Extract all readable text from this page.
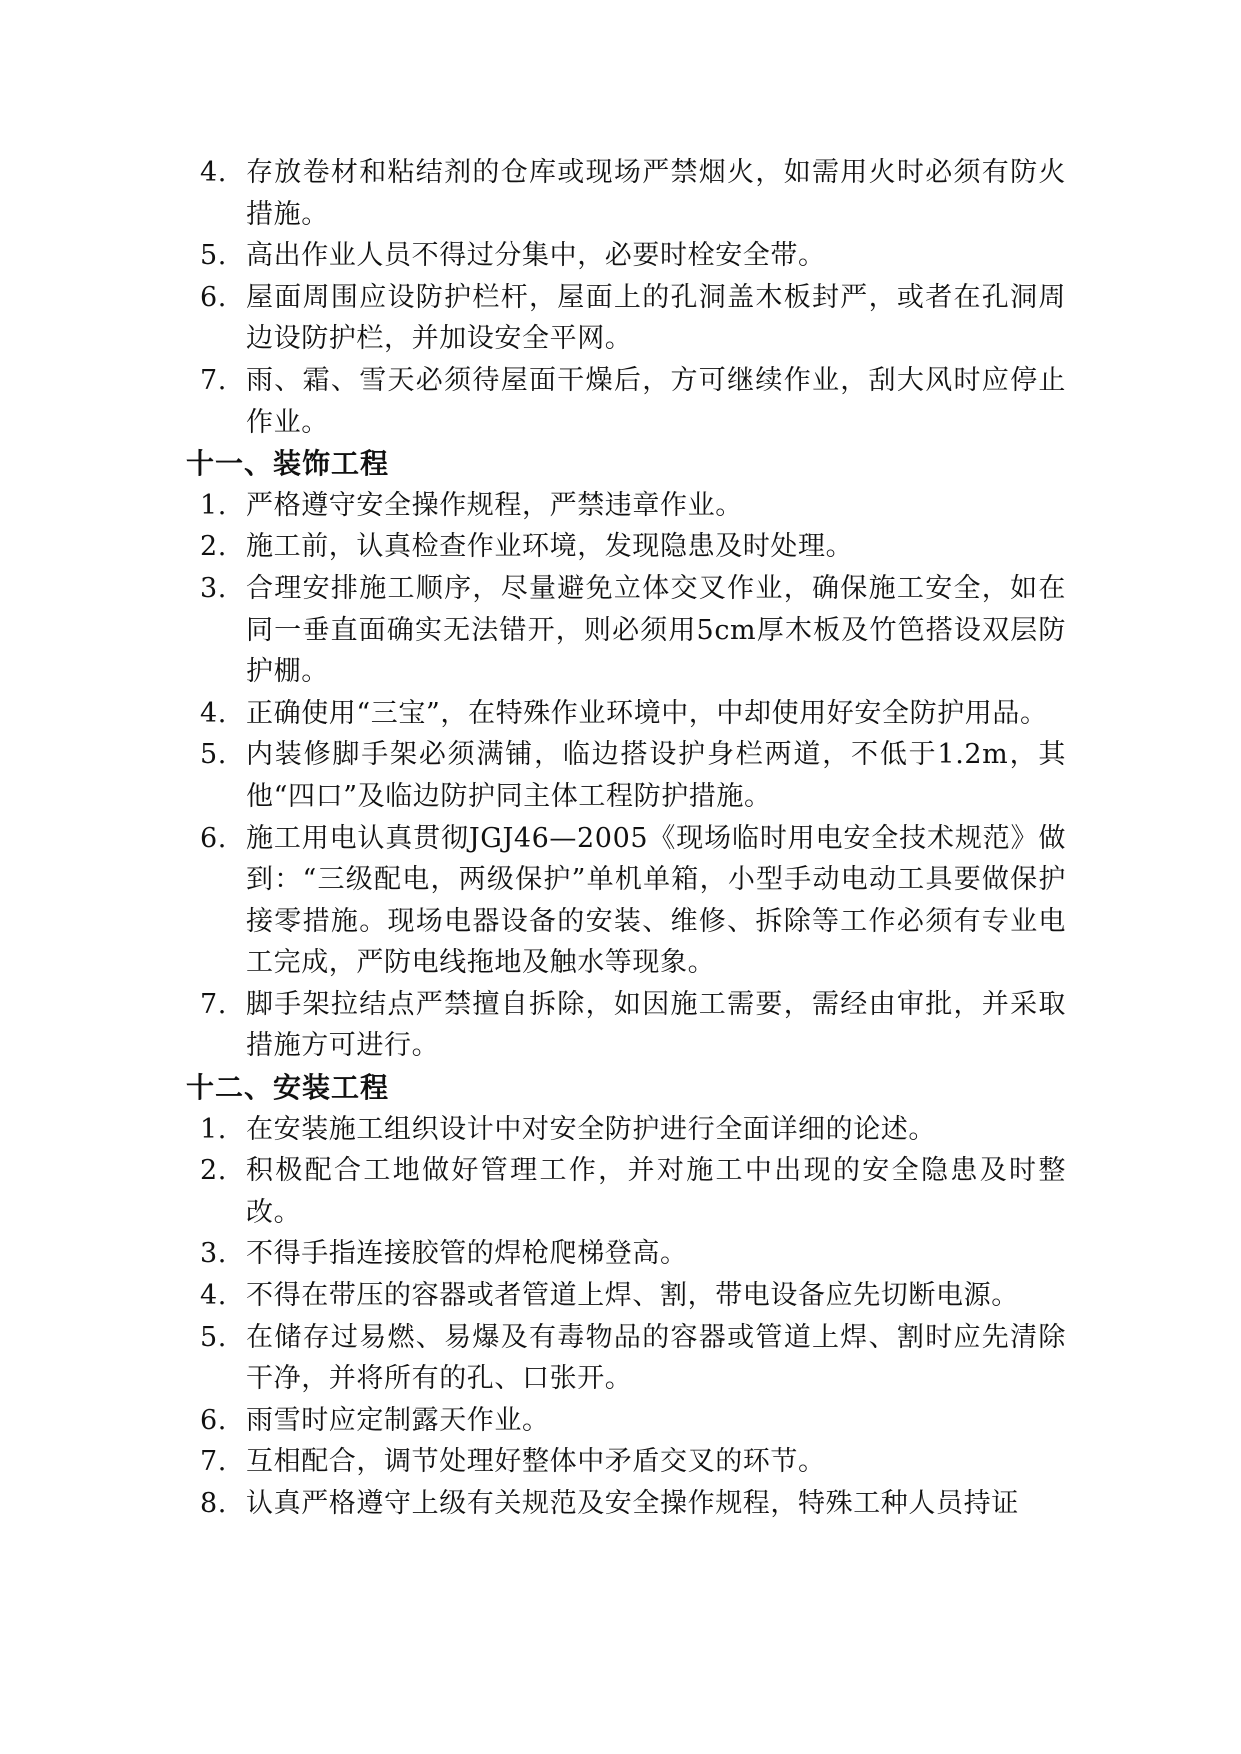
4. 存放卷材和粘结剂的仓库或现场严禁烟火，如需用火时必须有防火措施。
5. 高出作业人员不得过分集中，必要时栓安全带。
6. 屋面周围应设防护栏杆，屋面上的孔洞盖木板封严，或者在孔洞周边设防护栏，并加设安全平网。
7. 雨、霜、雪天必须待屋面干燥后，方可继续作业，刮大风时应停止作业。
十一、装饰工程
1. 严格遵守安全操作规程，严禁违章作业。
2. 施工前，认真检查作业环境，发现隐患及时处理。
3. 合理安排施工顺序，尽量避免立体交叉作业，确保施工安全，如在同一垂直面确实无法错开，则必须用5cm厚木板及竹笆搭设双层防护棚。
4. 正确使用“三宝”，在特殊作业环境中，中却使用好安全防护用品。
5. 内装修脚手架必须满铺，临边搭设护身栏两道，不低于1.2m，其他“四口”及临边防护同主体工程防护措施。
6. 施工用电认真贯彻JGJ46—2005《现场临时用电安全技术规范》做到：“三级配电，两级保护”单机单箱，小型手动电动工具要做保护接零措施。现场电器设备的安装、维修、拆除等工作必须有专业电工完成，严防电线拖地及触水等现象。
7. 脚手架拉结点严禁擅自拆除，如因施工需要，需经由审批，并采取措施方可进行。
十二、安装工程
1. 在安装施工组织设计中对安全防护进行全面详细的论述。
2. 积极配合工地做好管理工作，并对施工中出现的安全隐患及时整改。
3. 不得手指连接胶管的焊枪爬梯登高。
4. 不得在带压的容器或者管道上焊、割，带电设备应先切断电源。
5. 在储存过易燃、易爆及有毒物品的容器或管道上焊、割时应先清除干净，并将所有的孔、口张开。
6. 雨雪时应定制露天作业。
7. 互相配合，调节处理好整体中矛盾交叉的环节。
8. 认真严格遵守上级有关规范及安全操作规程，特殊工种人员持证
